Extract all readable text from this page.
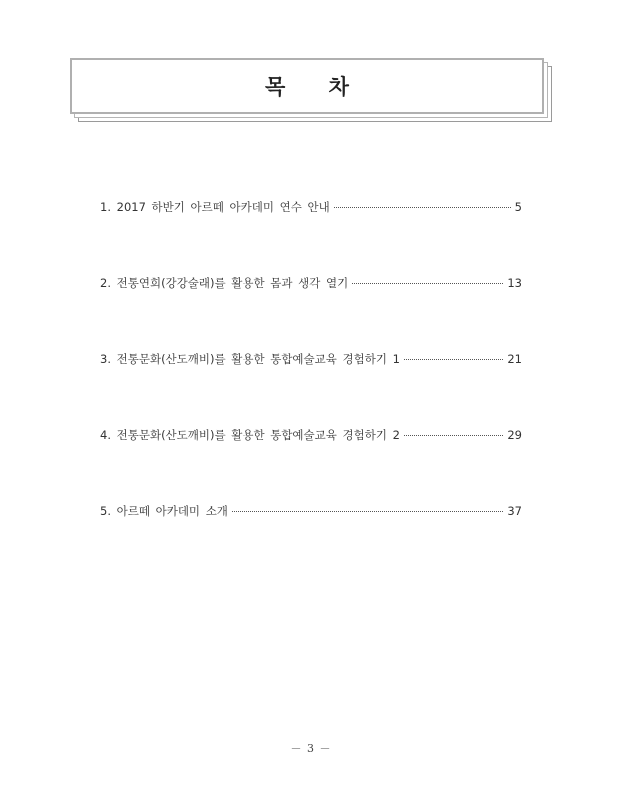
목 차
1. 2017 하반기 아르떼 아카데미 연수 안내	5
2. 전통연희(강강술래)를 활용한 몸과 생각 열기	13
3. 전통문화(산도깨비)를 활용한 통합예술교육 경험하기 1	21
4. 전통문화(산도깨비)를 활용한 통합예술교육 경험하기 2	29
5. 아르떼 아카데미 소개	37
－ 3 －
